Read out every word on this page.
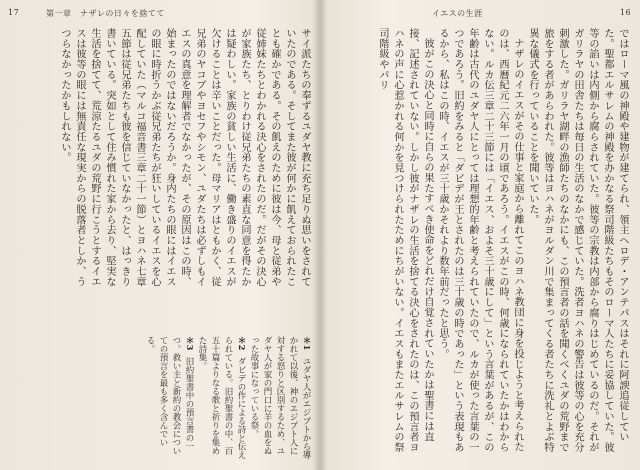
17	第一章　ナザレの日々を捨てて

サイ派たちの奉ずるユダヤ教に充ち足りぬ思いをされていたのである。そしてまた彼が何かに飢えておられたことも確かである。その飢えのために彼は今、母と従弟や従姉妹たちとわかれる決心をされたのだ。だがその決心が家族たち、とりわけ従兄弟たちの素直な同意を得たかは疑わしい。家族の貧しい生活に、働き盛りのイエスが欠けることは辛いことだった。母マリアはともかく、従兄弟のヤコブやヨセフやシモン、ユダたちは必ずしもイエスの真意を理解者でなかったが、その原因はこの時、始まったのではないだろうか。身内たちの眼にはイエスの眼に時折うかぶ従兄弟たちが狂いしているイエスを心配していた（マルコ福音書三章二十一節）とヨハネ七章五節は従兄弟たちも彼を信じていなかったと、はっきり書いている。突如として住み慣れた家から去り、堅実な生活を捨てて、荒涼たるユダの荒野に行こうとするイエスは彼等の眼には無責任な現実からの脱落者としか、うつらなかったかもしれない。

＊1 ユダヤ人がエジプトから導かれて以後、神のエジプト人に対する怒りと区別するため、ユダヤ人が家の門口に羊の血をぬった故事になっている祭。

＊2 ダビデの作による詩と伝えられている。旧約聖書の中、百五十篇よりなる歌と祈りを集めた詩集。

＊3 旧約聖書中の預言書の一つ。救い主と新約の教会についての預言を最も多く含んでいる。

イエスの生涯	16

ではローマ風の神殿や建物が建てられ、領主ヘロデ・アンテパスはそれに阿諛追従していた。聖都エルサレムの神殿を办かなる祭司階級たちもそのローマ人たちに妥協していた。彼等の諂いは内側から腐らされていた。彼等の宗教は内部から腐りはじめているのだ。それがガリラヤの田舎たちは毎日の生活のなかで感じていた。洗者ヨハネの警告は彼等の心を充分刺激した。ガリラヤ湖畔の漁師たちのなかにも、この預言者の話を聞くべくユダの荒野まで旅をする者があらわれた。彼等はヨハネがヨルダン川で集まってくる者たちに洗礼とよぶ特異な儀式を行っていることを聞いていた。

ナザレのイエスがその仕事と家庭から離れてこのヨハネ教団に身を投じようと考えられたのは、西暦紀元二六年一月の頃であろう。イエスがこの時、何歳になられていたかはわからない。ルカ伝三章二十三節には「イエス、およそ三十歳にして」という言葉があるが、この年齢は古代のユダヤ人にとっては理想的年齢と考えられていたので、ルカが使った言葉の一つであろう。旧約をみると「ダビデが王とされたのは三十歳の時であった」という表現もあるから、私はこの時、イエスが三十歳かそれより数年前だったと思う。

彼がこの決心と同時に自らの果たすべき使命をどれだけ自覚されていたかは聖書には直接、記述されていない。しかし彼がナザレの生活を捨てる決心をされたのは、この預言者ヨハネの声に心惹かれる何かを見つけられたためにちがいない。イエスもまたエルサレムの祭司階級やパリ
